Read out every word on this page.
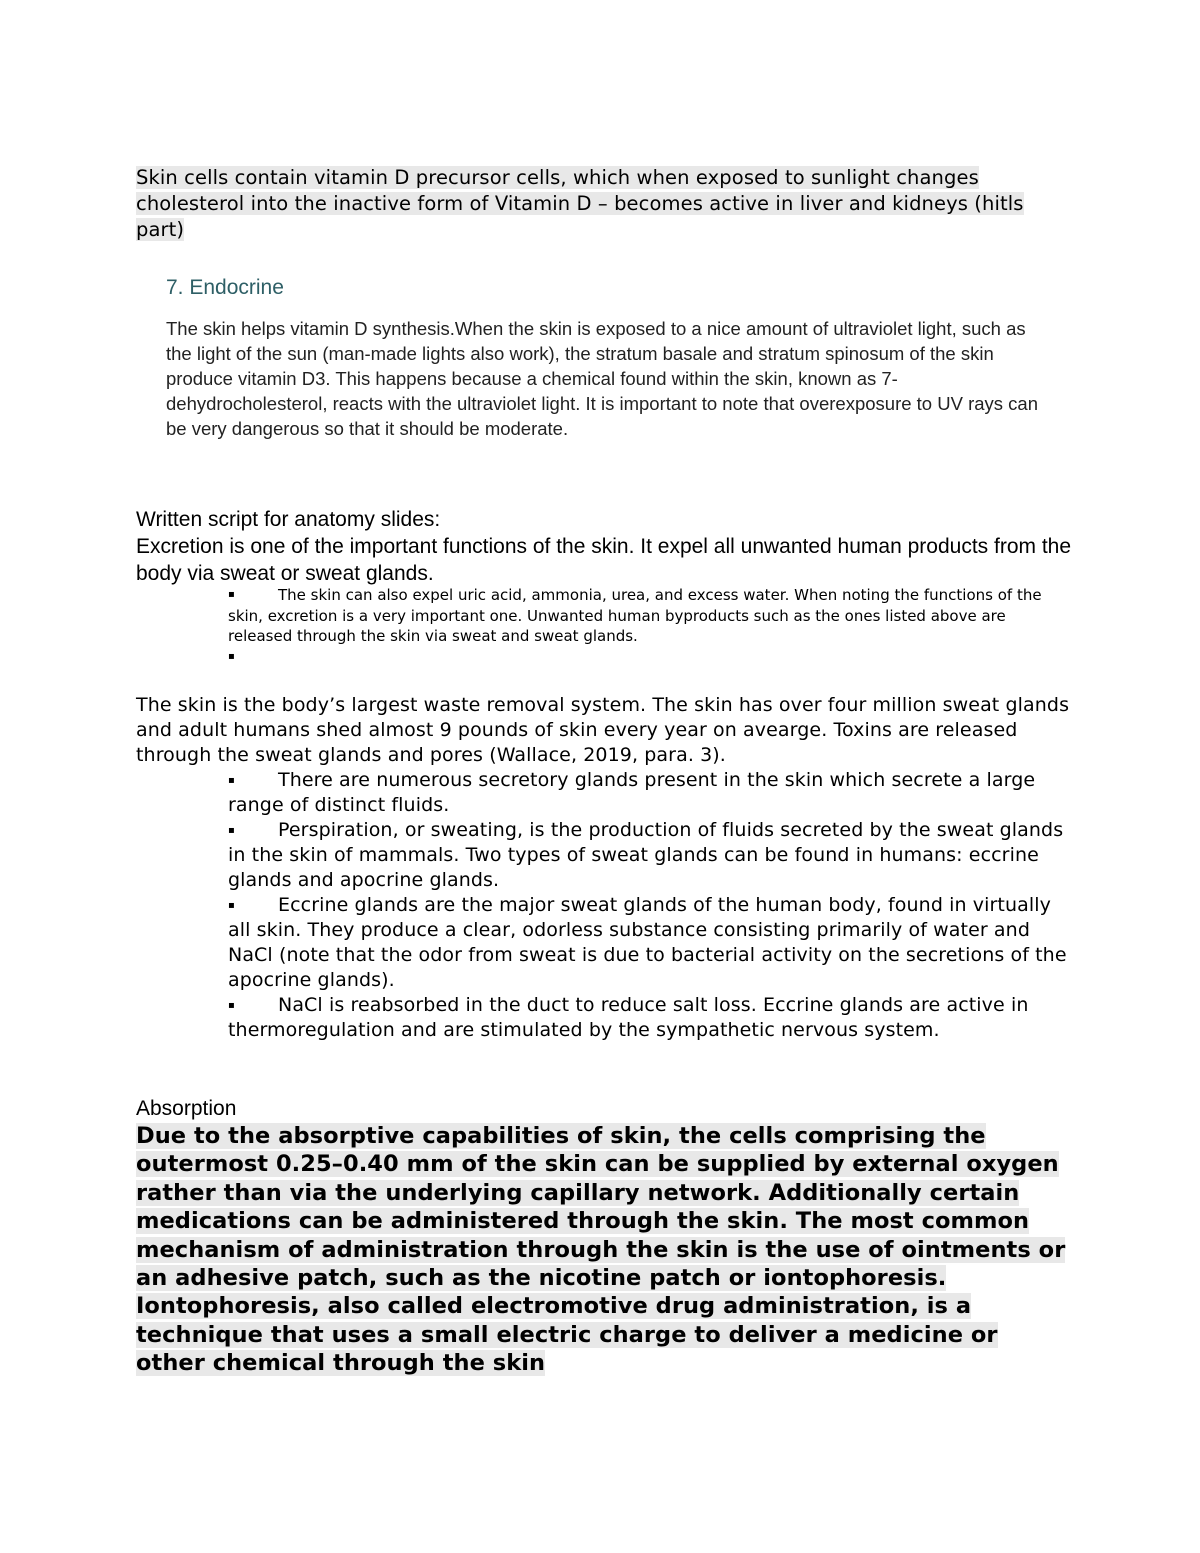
Skin cells contain vitamin D precursor cells, which when exposed to sunlight changes cholesterol into the inactive form of Vitamin D – becomes active in liver and kidneys (hitls part)
7. Endocrine
The skin helps vitamin D synthesis.When the skin is exposed to a nice amount of ultraviolet light, such as the light of the sun (man-made lights also work), the stratum basale and stratum spinosum of the skin produce vitamin D3. This happens because a chemical found within the skin, known as 7-dehydrocholesterol, reacts with the ultraviolet light. It is important to note that overexposure to UV rays can be very dangerous so that it should be moderate.

Written script for anatomy slides:

Excretion is one of the important functions of the skin. It expel all unwanted human products from the body via sweat or sweat glands.

▪	The skin can also expel uric acid, ammonia, urea, and excess water. When noting the functions of the skin, excretion is a very important one. Unwanted human byproducts such as the ones listed above are released through the skin via sweat and sweat glands.
▪
The skin is the body’s largest waste removal system. The skin has over four million sweat glands and adult humans shed almost 9 pounds of skin every year on avearge. Toxins are released through the sweat glands and pores (Wallace, 2019, para. 3).
▪ There are numerous secretory glands present in the skin which secrete a large range of distinct fluids.
▪ Perspiration, or sweating, is the production of fluids secreted by the sweat glands in the skin of mammals. Two types of sweat glands can be found in humans: eccrine glands and apocrine glands.
▪ Eccrine glands are the major sweat glands of the human body, found in virtually all skin. They produce a clear, odorless substance consisting primarily of water and NaCl (note that the odor from sweat is due to bacterial activity on the secretions of the apocrine glands).
▪ NaCl is reabsorbed in the duct to reduce salt loss. Eccrine glands are active in thermoregulation and are stimulated by the sympathetic nervous system.
Absorption
Due to the absorptive capabilities of skin, the cells comprising the outermost 0.25–0.40 mm of the skin can be supplied by external oxygen rather than via the underlying capillary network. Additionally certain medications can be administered through the skin. The most common mechanism of administration through the skin is the use of ointments or an adhesive patch, such as the nicotine patch or iontophoresis. Iontophoresis, also called electromotive drug administration, is a technique that uses a small electric charge to deliver a medicine or other chemical through the skin
